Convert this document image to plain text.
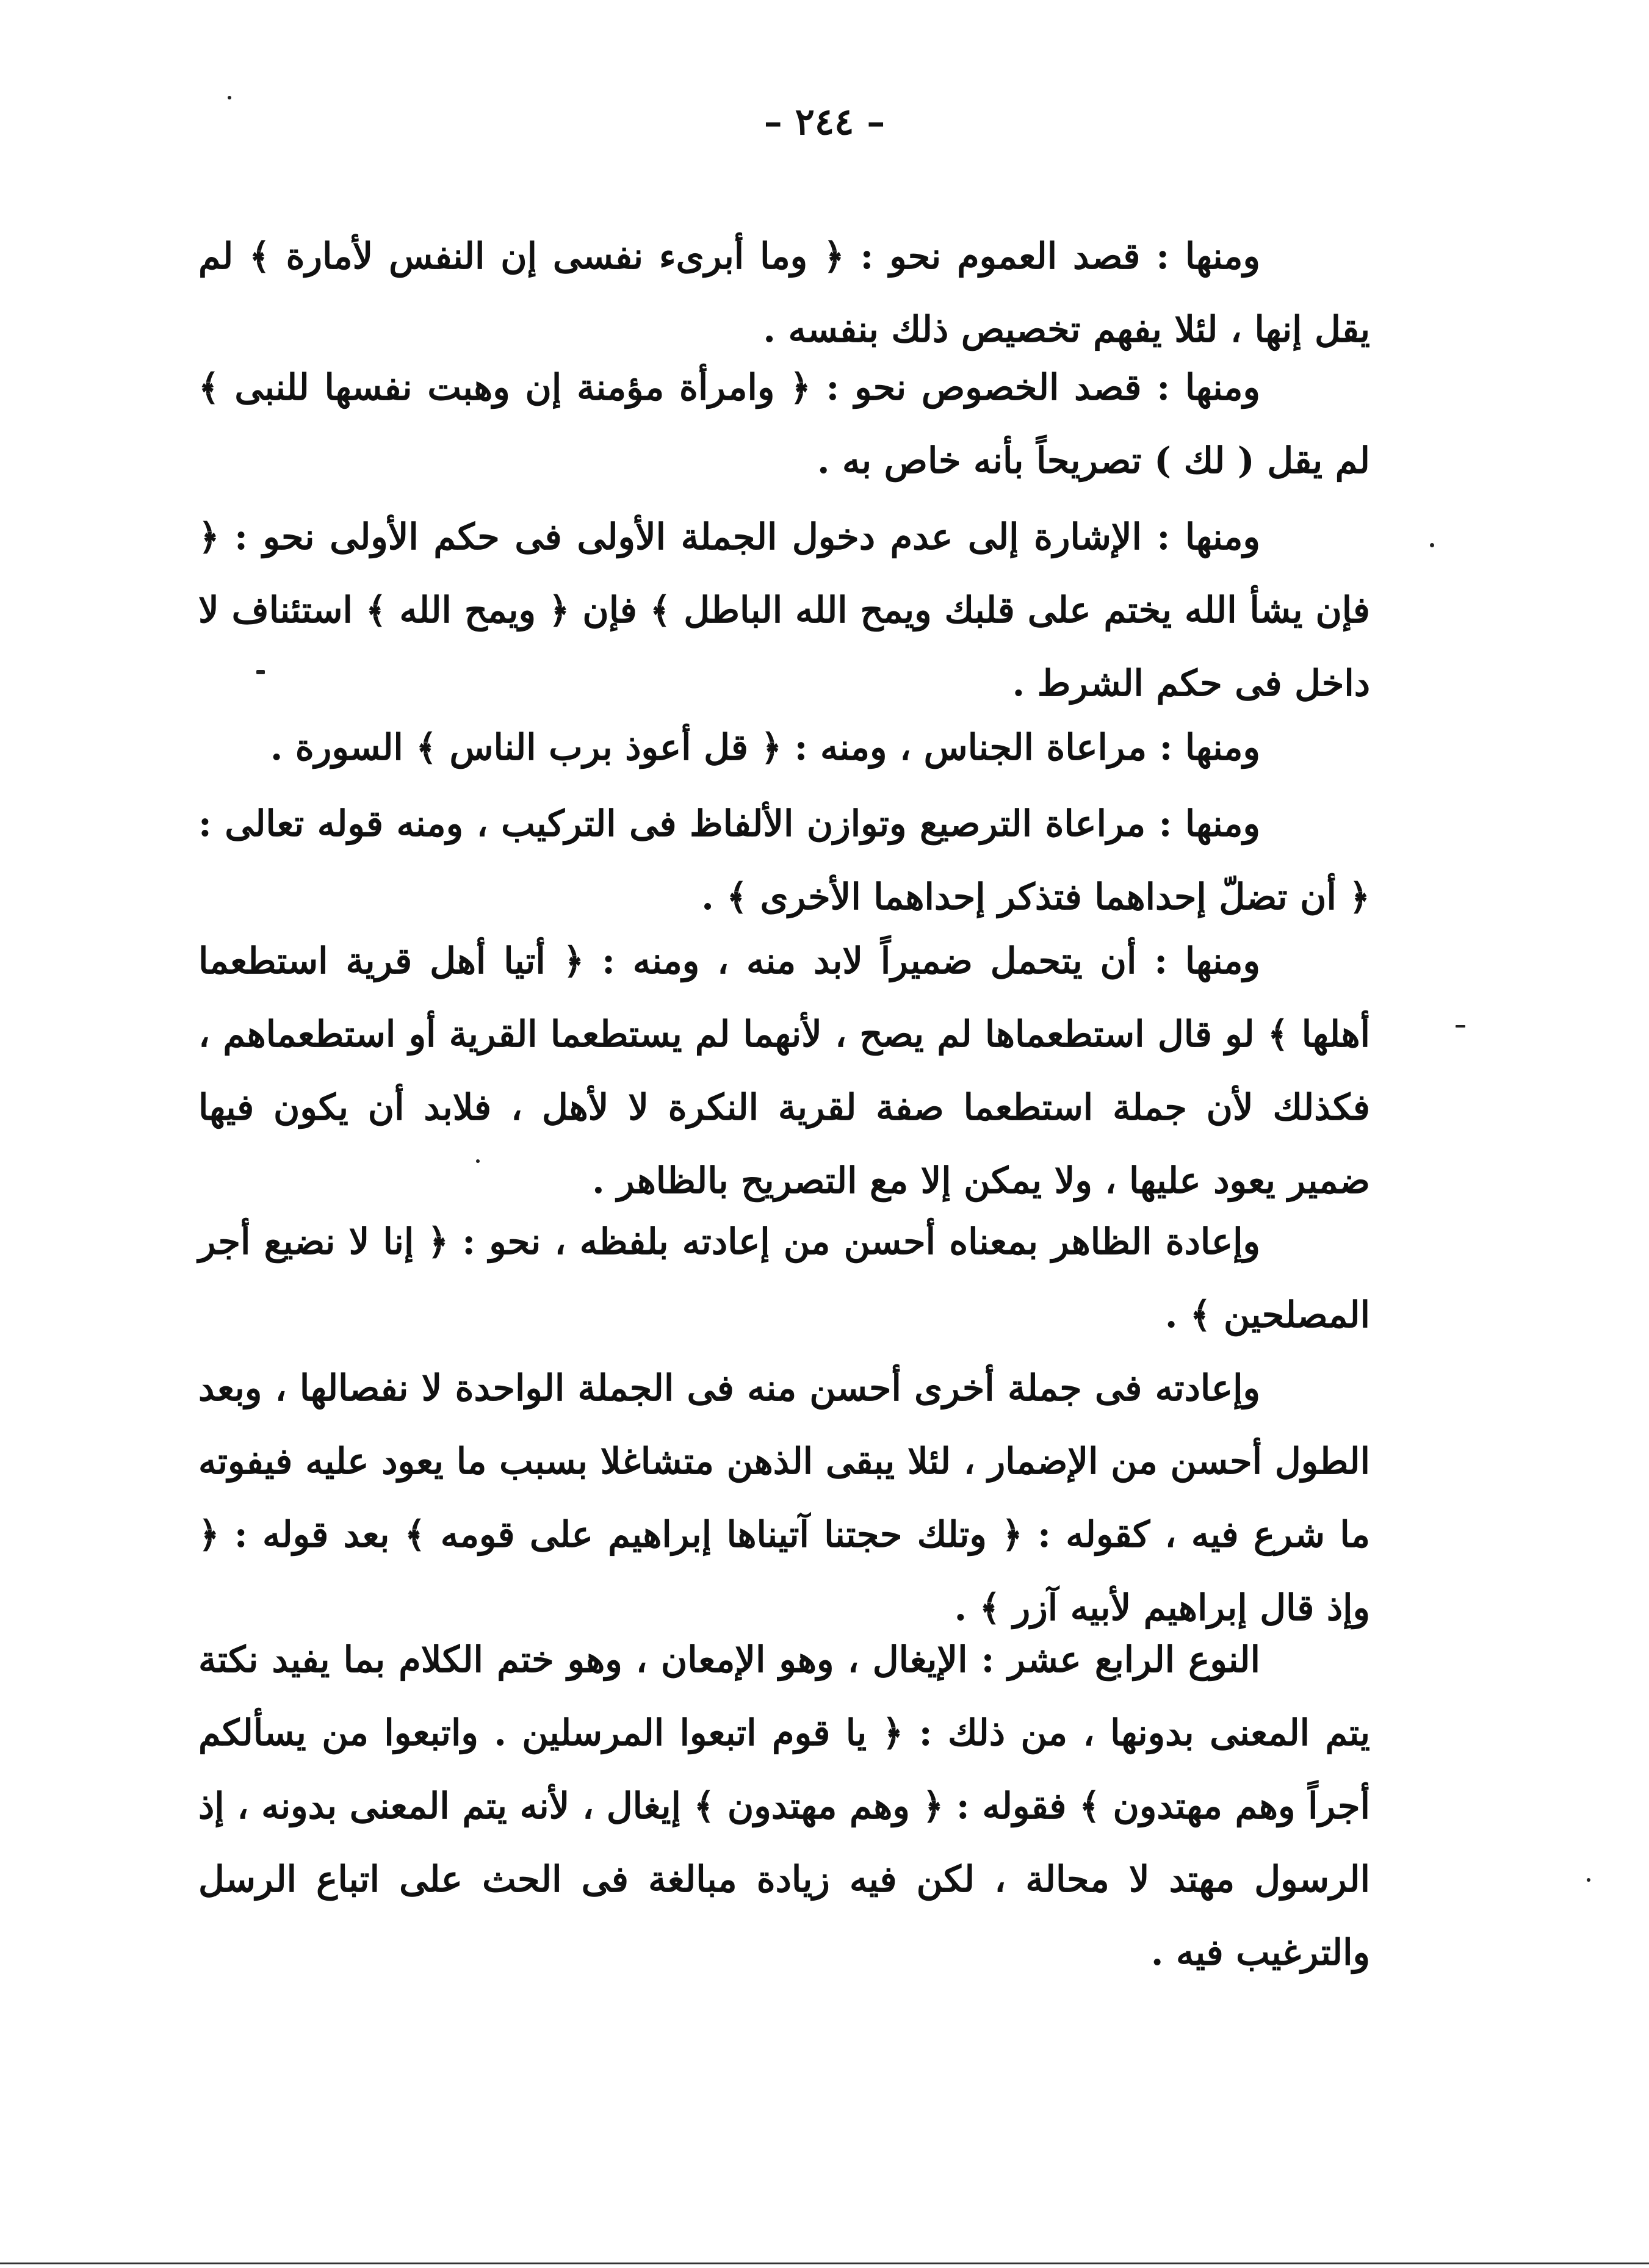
– ٢٤٤ –

ومنها : قصد العموم نحو : ﴿ وما أبرىء نفسى إن النفس لأمارة ﴾ لم يقل إنها ، لئلا يفهم تخصيص ذلك بنفسه .

ومنها : قصد الخصوص نحو : ﴿ وامرأة مؤمنة إن وهبت نفسها للنبى ﴾ لم يقل ( لك ) تصريحاً بأنه خاص به .

ومنها : الإشارة إلى عدم دخول الجملة الأولى فى حكم الأولى نحو : ﴿ فإن يشأ الله يختم على قلبك ويمح الله الباطل ﴾ فإن ﴿ ويمح الله ﴾ استئناف لا داخل فى حكم الشرط .

ومنها : مراعاة الجناس ، ومنه : ﴿ قل أعوذ برب الناس ﴾ السورة .

ومنها : مراعاة الترصيع وتوازن الألفاظ فى التركيب ، ومنه قوله تعالى : ﴿ أن تضلّ إحداهما فتذكر إحداهما الأخرى ﴾ .

ومنها : أن يتحمل ضميراً لابد منه ، ومنه : ﴿ أتيا أهل قرية استطعما أهلها ﴾ لو قال استطعماها لم يصح ، لأنهما لم يستطعما القرية أو استطعماهم ، فكذلك لأن جملة استطعما صفة لقرية النكرة لا لأهل ، فلابد أن يكون فيها ضمير يعود عليها ، ولا يمكن إلا مع التصريح بالظاهر .

وإعادة الظاهر بمعناه أحسن من إعادته بلفظه ، نحو : ﴿ إنا لا نضيع أجر المصلحين ﴾ .

وإعادته فى جملة أخرى أحسن منه فى الجملة الواحدة لا نفصالها ، وبعد الطول أحسن من الإضمار ، لئلا يبقى الذهن متشاغلا بسبب ما يعود عليه فيفوته ما شرع فيه ، كقوله : ﴿ وتلك حجتنا آتيناها إبراهيم على قومه ﴾ بعد قوله : ﴿ وإذ قال إبراهيم لأبيه آزر ﴾ .

النوع الرابع عشر : الإيغال ، وهو الإمعان ، وهو ختم الكلام بما يفيد نكتة يتم المعنى بدونها ، من ذلك : ﴿ يا قوم اتبعوا المرسلين . واتبعوا من يسألكم أجراً وهم مهتدون ﴾ فقوله : ﴿ وهم مهتدون ﴾ إيغال ، لأنه يتم المعنى بدونه ، إذ الرسول مهتد لا محالة ، لكن فيه زيادة مبالغة فى الحث على اتباع الرسل والترغيب فيه .
